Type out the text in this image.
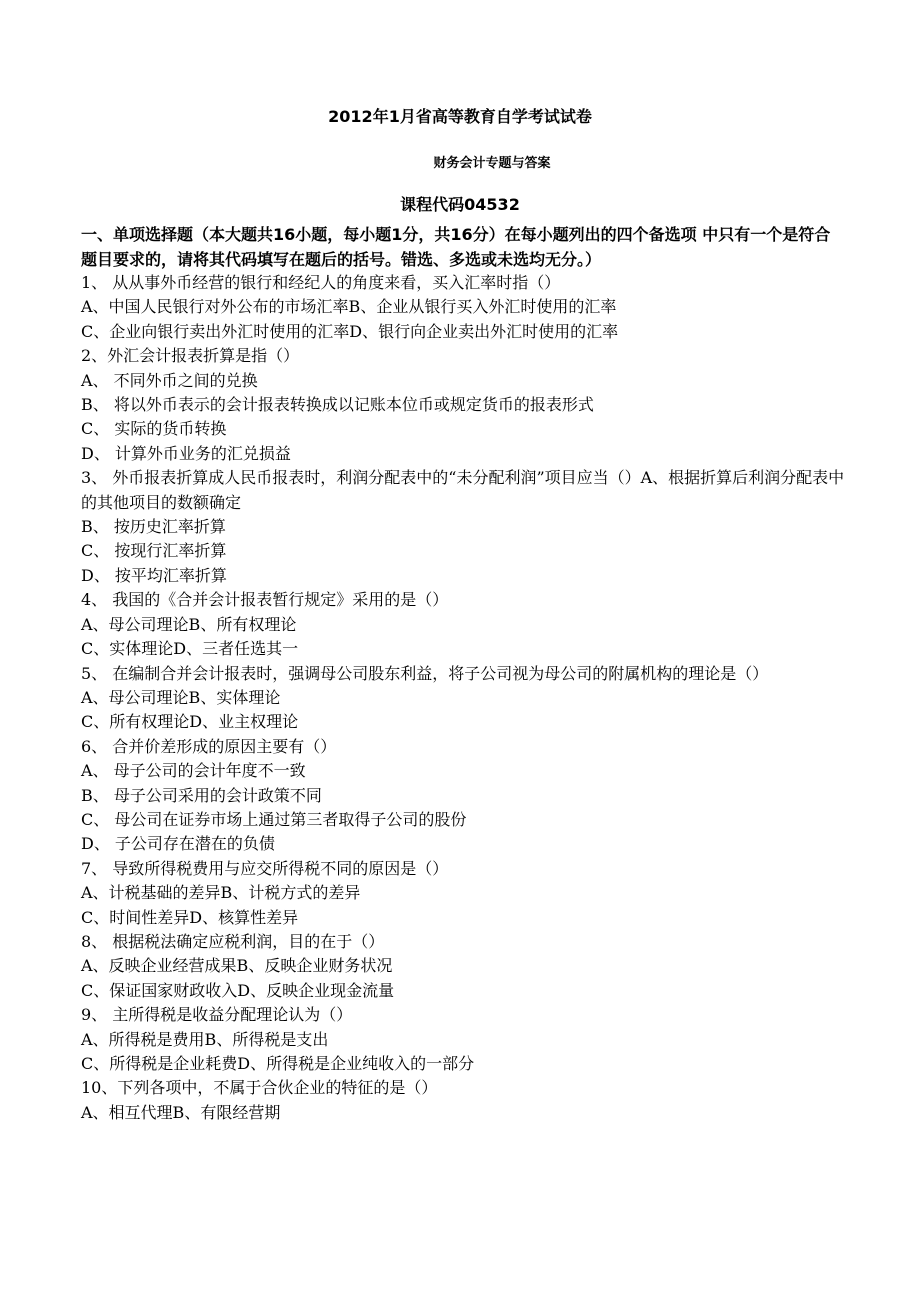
2012年1月省高等教育自学考试试卷
财务会计专题与答案
课程代码04532
一、单项选择题（本大题共16小题，每小题1分，共16分）在每小题列出的四个备选项 中只有一个是符合题目要求的，请将其代码填写在题后的括号。错选、多选或未选均无分。）
1、 从从事外币经营的银行和经纪人的角度来看，买入汇率时指（）
A、中国人民银行对外公布的市场汇率B、企业从银行买入外汇时使用的汇率
C、企业向银行卖出外汇时使用的汇率D、银行向企业卖出外汇时使用的汇率
2、外汇会计报表折算是指（）
A、 不同外币之间的兑换
B、 将以外币表示的会计报表转换成以记账本位币或规定货币的报表形式
C、 实际的货币转换
D、 计算外币业务的汇兑损益
3、 外币报表折算成人民币报表时，利润分配表中的“未分配利润”项目应当（）A、根据折算后利润分配表中的其他项目的数额确定
B、 按历史汇率折算
C、 按现行汇率折算
D、 按平均汇率折算
4、 我国的《合并会计报表暂行规定》采用的是（）
A、母公司理论B、所有权理论
C、实体理论D、三者任选其一
5、 在编制合并会计报表时，强调母公司股东利益，将子公司视为母公司的附属机构的理论是（）
A、母公司理论B、实体理论
C、所有权理论D、业主权理论
6、 合并价差形成的原因主要有（）
A、 母子公司的会计年度不一致
B、 母子公司采用的会计政策不同
C、 母公司在证券市场上通过第三者取得子公司的股份
D、 子公司存在潜在的负债
7、 导致所得税费用与应交所得税不同的原因是（）
A、计税基础的差异B、计税方式的差异
C、时间性差异D、核算性差异
8、 根据税法确定应税利润，目的在于（）
A、反映企业经营成果B、反映企业财务状况
C、保证国家财政收入D、反映企业现金流量
9、 主所得税是收益分配理论认为（）
A、所得税是费用B、所得税是支出
C、所得税是企业耗费D、所得税是企业纯收入的一部分
10、下列各项中，不属于合伙企业的特征的是（）
A、相互代理B、有限经营期
